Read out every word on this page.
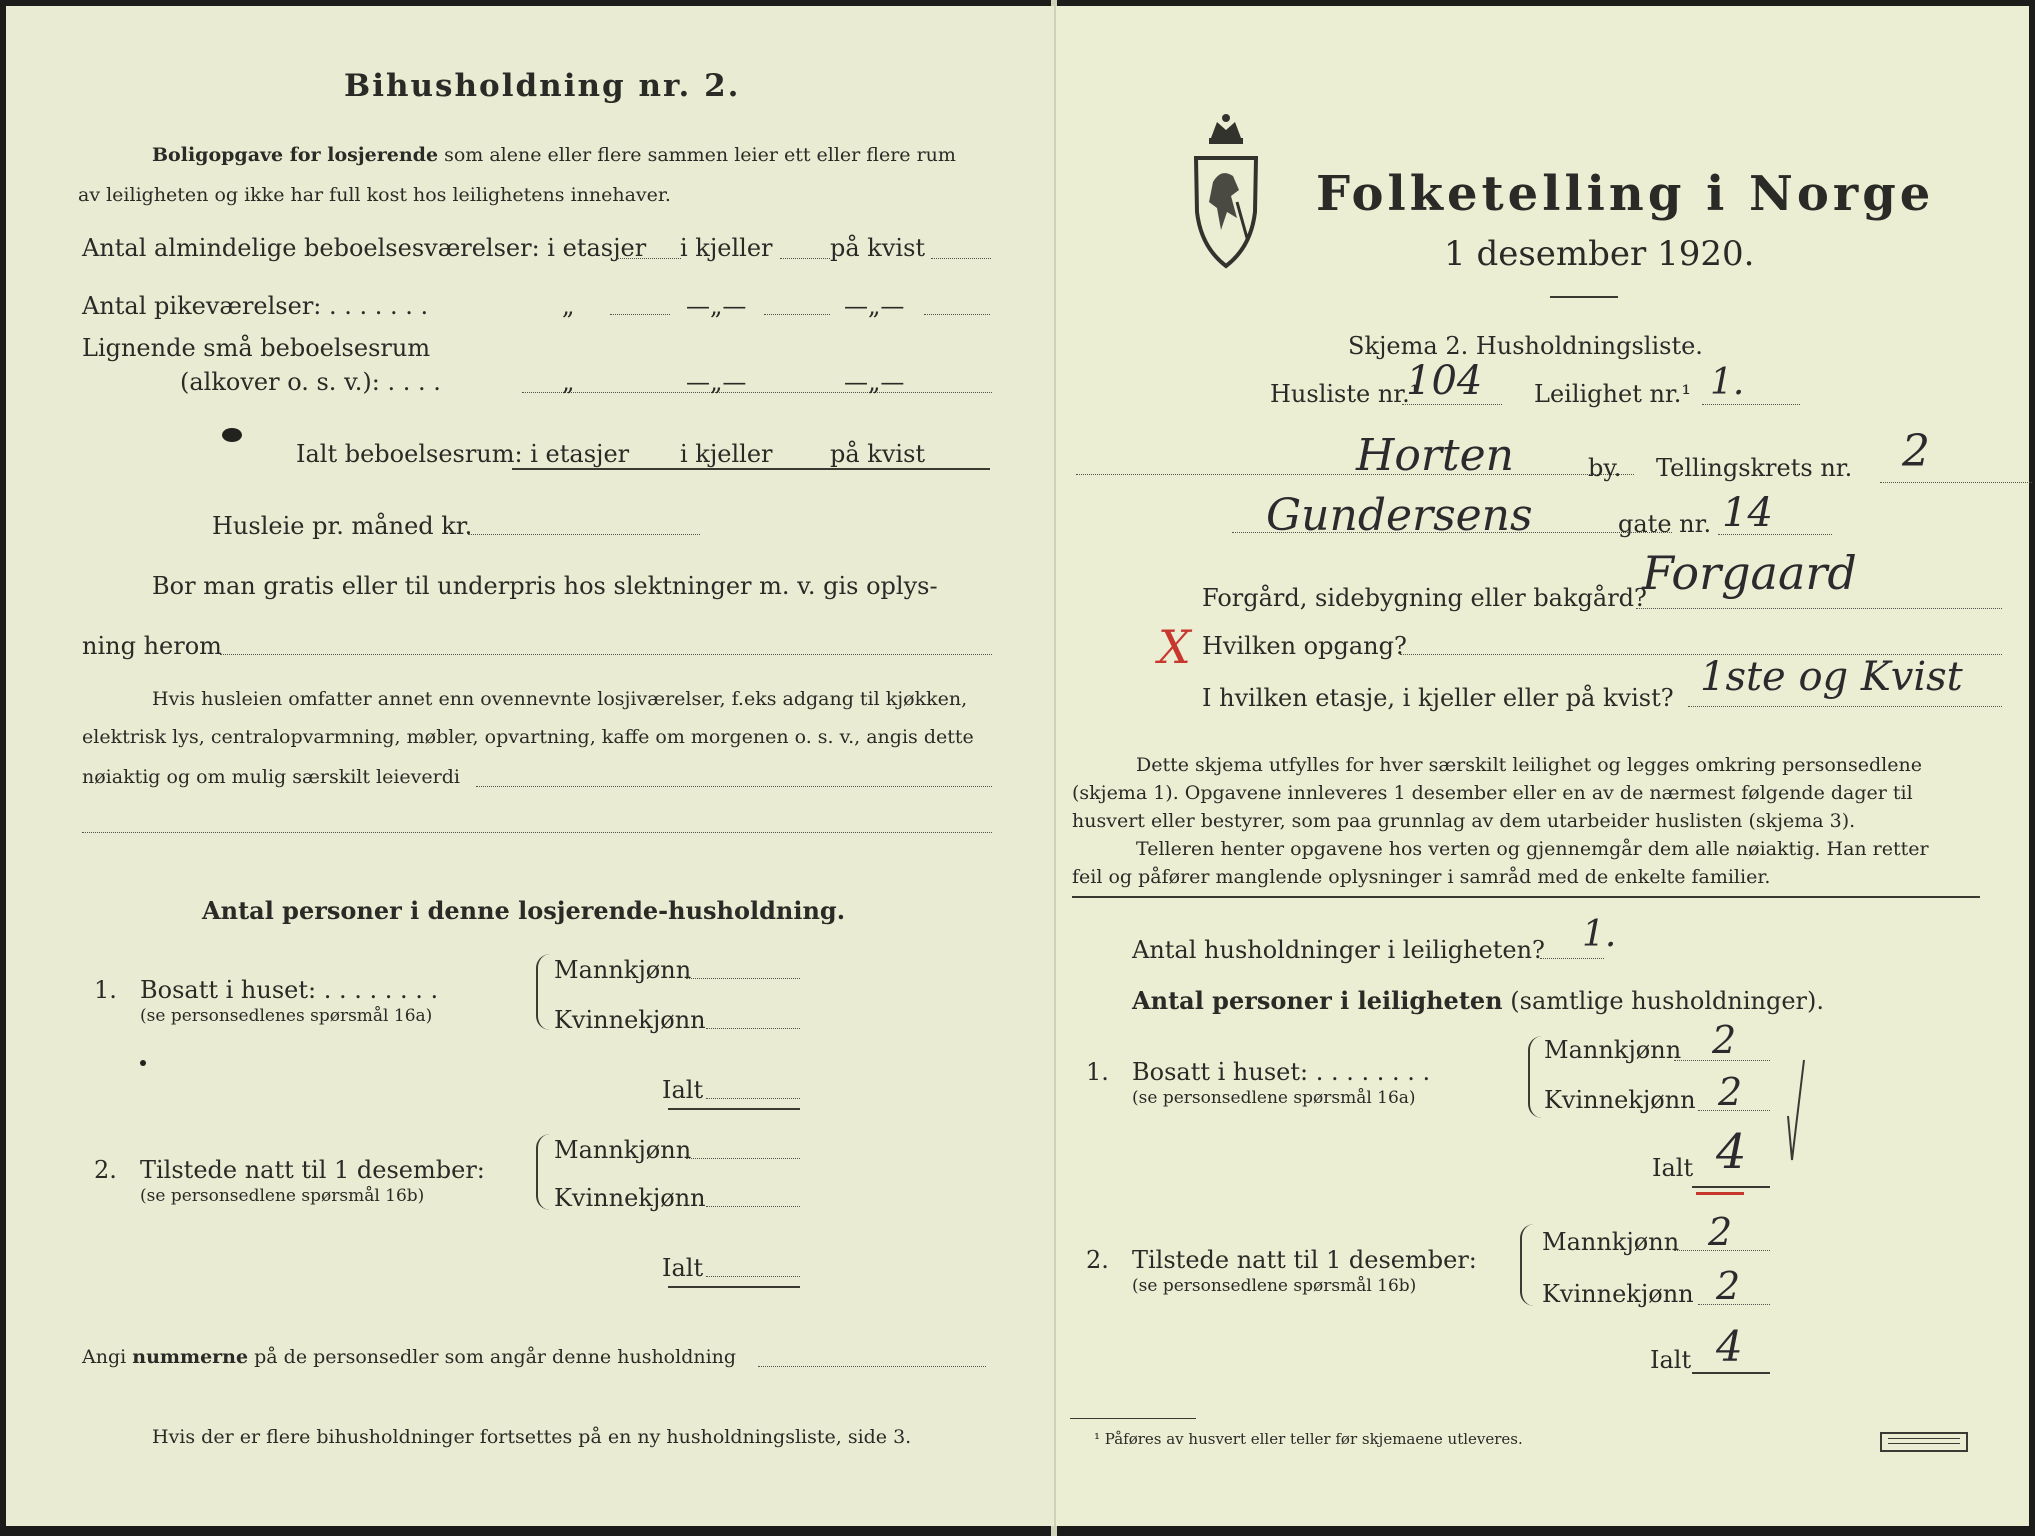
Bihusholdning nr. 2.
Boligopgave for losjerende som alene eller flere sammen leier ett eller flere rum
av leiligheten og ikke har full kost hos leilighetens innehaver.
Antal almindelige beboelsesværelser: i etasjer i kjeller på kvist
Antal pikeværelser: . . . . . . .	„	—„—	—„—
Lignende små beboelsesrum
(alkover o. s. v.): . . . .	„	—„—	—„—
Ialt beboelsesrum: i etasjer i kjeller på kvist
Husleie pr. måned kr.
Bor man gratis eller til underpris hos slektninger m. v. gis oplys-
ning herom
Hvis husleien omfatter annet enn ovennevnte losjiværelser, f.eks adgang til kjøkken,
elektrisk lys, centralopvarmning, møbler, opvartning, kaffe om morgenen o. s. v., angis dette
nøiaktig og om mulig særskilt leieverdi
Antal personer i denne losjerende-husholdning.
1. Bosatt i huset: . . . . . . . .
(se personsedlenes spørsmål 16a)
Mannkjønn
Kvinnekjønn
Ialt
2. Tilstede natt til 1 desember:
(se personsedlene spørsmål 16b)
Mannkjønn
Kvinnekjønn
Ialt
Angi nummerne på de personsedler som angår denne husholdning
Hvis der er flere bihusholdninger fortsettes på en ny husholdningsliste, side 3.
Folketelling i Norge
1 desember 1920.
Skjema 2. Husholdningsliste.
Husliste nr.¹
104 Leilighet nr.¹ 1.
Horten	by. Tellingskrets nr. 2
Gundersens	gate nr. 14
Forgård, sidebygning eller bakgård?
Forgaard
X Hvilken opgang?
I hvilken etasje, i kjeller eller på kvist? 1ste og Kvist
Dette skjema utfylles for hver særskilt leilighet og legges omkring personsedlene
(skjema 1). Opgavene innleveres 1 desember eller en av de nærmest følgende dager til
husvert eller bestyrer, som paa grunnlag av dem utarbeider huslisten (skjema 3).
Telleren henter opgavene hos verten og gjennemgår dem alle nøiaktig. Han retter
feil og påfører manglende oplysninger i samråd med de enkelte familier.
Antal husholdninger i leiligheten? 1.
Antal personer i leiligheten (samtlige husholdninger).
1. Bosatt i huset: . . . . . . . .
(se personsedlene spørsmål 16a)
Mannkjønn 2
Kvinnekjønn 2
Ialt 4
2. Tilstede natt til 1 desember:
(se personsedlene spørsmål 16b)
Mannkjønn 2
Kvinnekjønn 2
Ialt 4
¹ Påføres av husvert eller teller før skjemaene utleveres.
